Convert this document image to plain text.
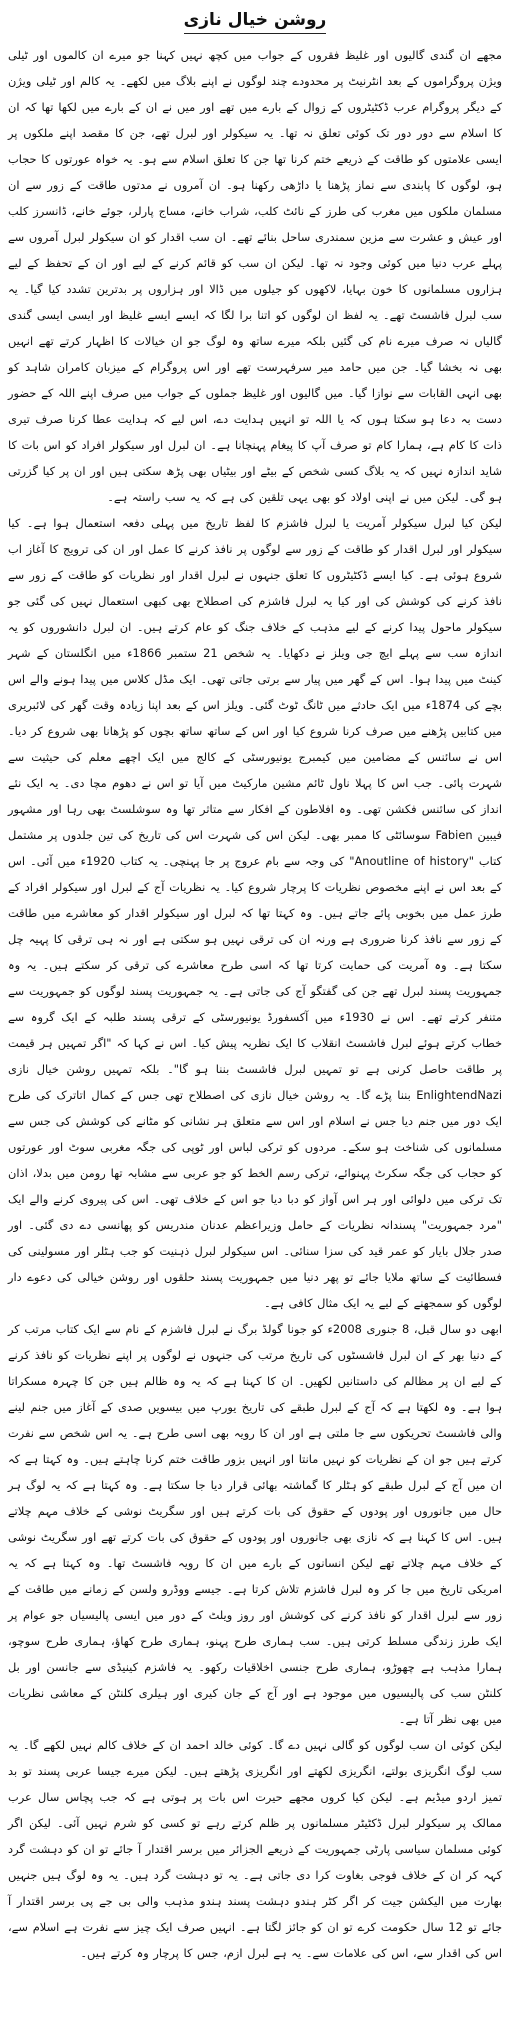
روشن خیال نازی

مجھے ان گندی گالیوں اور غلیظ فقروں کے جواب میں کچھ نہیں کہنا جو میرے ان کالموں اور ٹیلی ویژن پروگراموں کے بعد انٹرنیٹ پر محدودے چند لوگوں نے اپنے بلاگ میں لکھے۔ یہ کالم اور ٹیلی ویژن کے دیگر پروگرام عرب ڈکٹیٹروں کے زوال کے بارے میں تھے اور میں نے ان کے بارے میں لکھا تھا کہ ان کا اسلام سے دور دور تک کوئی تعلق نہ تھا۔ یہ سیکولر اور لبرل تھے، جن کا مقصد اپنے ملکوں پر ایسی علامتوں کو طاقت کے ذریعے ختم کرنا تھا جن کا تعلق اسلام سے ہو۔ یہ خواہ عورتوں کا حجاب ہو، لوگوں کا پابندی سے نماز پڑھنا یا داڑھی رکھنا ہو۔ ان آمروں نے مدتوں طاقت کے زور سے ان مسلمان ملکوں میں مغرب کی طرز کے نائٹ کلب، شراب خانے، مساج پارلر، جوئے خانے، ڈانسرز کلب اور عیش و عشرت سے مزین سمندری ساحل بنائے تھے۔ ان سب اقدار کو ان سیکولر لبرل آمروں سے پہلے عرب دنیا میں کوئی وجود نہ تھا۔ لیکن ان سب کو قائم کرنے کے لیے اور ان کے تحفظ کے لیے ہزاروں مسلمانوں کا خون بہایا، لاکھوں کو جیلوں میں ڈالا اور ہزاروں پر بدترین تشدد کیا گیا۔ یہ سب لبرل فاشسٹ تھے۔ یہ لفظ ان لوگوں کو اتنا برا لگا کہ ایسے ایسے غلیظ اور ایسی ایسی گندی گالیاں نہ صرف میرے نام کی گئیں بلکہ میرے ساتھ وہ لوگ جو ان خیالات کا اظہار کرتے تھے انہیں بھی نہ بخشا گیا۔ جن میں حامد میر سرفہرست تھے اور اس پروگرام کے میزبان کامران شاہد کو بھی انہی القابات سے نوازا گیا۔ میں گالیوں اور غلیظ جملوں کے جواب میں صرف اپنے اللہ کے حضور دست بہ دعا ہو سکتا ہوں کہ یا اللہ تو انہیں ہدایت دے، اس لیے کہ ہدایت عطا کرنا صرف تیری ذات کا کام ہے، ہمارا کام تو صرف آپ کا پیغام پہنچانا ہے۔ ان لبرل اور سیکولر افراد کو اس بات کا شاید اندازہ نہیں کہ یہ بلاگ کسی شخص کے بیٹے اور بیٹیاں بھی پڑھ سکتی ہیں اور ان پر کیا گزرتی ہو گی۔ لیکن میں نے اپنی اولاد کو بھی یہی تلقین کی ہے کہ یہ سب راستہ ہے۔

لیکن کیا لبرل سیکولر آمریت یا لبرل فاشزم کا لفظ تاریخ میں پہلی دفعہ استعمال ہوا ہے۔ کیا سیکولر اور لبرل اقدار کو طاقت کے زور سے لوگوں پر نافذ کرنے کا عمل اور ان کی ترویج کا آغاز اب شروع ہوئی ہے۔ کیا ایسے ڈکٹیٹروں کا تعلق جنہوں نے لبرل اقدار اور نظریات کو طاقت کے زور سے نافذ کرنے کی کوشش کی اور کیا یہ لبرل فاشزم کی اصطلاح بھی کبھی استعمال نہیں کی گئی جو سیکولر ماحول پیدا کرنے کے لیے مذہب کے خلاف جنگ کو عام کرتے ہیں۔ ان لبرل دانشوروں کو یہ اندازہ سب سے پہلے ایچ جی ویلز نے دکھایا۔ یہ شخص 21 ستمبر 1866ء میں انگلستان کے شہر کینٹ میں پیدا ہوا۔ اس کے گھر میں پیار سے برتی جاتی تھی۔ ایک مڈل کلاس میں پیدا ہونے والے اس بچے کی 1874ء میں ایک حادثے میں ٹانگ ٹوٹ گئی۔ ویلز اس کے بعد اپنا زیادہ وقت گھر کی لائبریری میں کتابیں پڑھنے میں صرف کرنا شروع کیا اور اس کے ساتھ ساتھ بچوں کو پڑھانا بھی شروع کر دیا۔ اس نے سائنس کے مضامین میں کیمبرج یونیورسٹی کے کالج میں ایک اچھے معلم کی حیثیت سے شہرت پائی۔ جب اس کا پہلا ناول ٹائم مشین مارکیٹ میں آیا تو اس نے دھوم مچا دی۔ یہ ایک نئے انداز کی سائنس فکشن تھی۔ وہ افلاطون کے افکار سے متاثر تھا وہ سوشلسٹ بھی رہا اور مشہور فیبین Fabien سوسائٹی کا ممبر بھی۔ لیکن اس کی شہرت اس کی تاریخ کی تین جلدوں پر مشتمل کتاب "Anoutline of history" کی وجہ سے بام عروج پر جا پہنچی۔ یہ کتاب 1920ء میں آئی۔ اس کے بعد اس نے اپنے مخصوص نظریات کا پرچار شروع کیا۔ یہ نظریات آج کے لبرل اور سیکولر افراد کے طرز عمل میں بخوبی پائے جاتے ہیں۔ وہ کہتا تھا کہ لبرل اور سیکولر اقدار کو معاشرے میں طاقت کے زور سے نافذ کرنا ضروری ہے ورنہ ان کی ترقی نہیں ہو سکتی ہے اور نہ ہی ترقی کا پہیہ چل سکتا ہے۔ وہ آمریت کی حمایت کرتا تھا کہ اسی طرح معاشرے کی ترقی کر سکتے ہیں۔ یہ وہ جمہوریت پسند لبرل تھے جن کی گفتگو آج کی جاتی ہے۔ یہ جمہوریت پسند لوگوں کو جمہوریت سے متنفر کرتے تھے۔ اس نے 1930ء میں آکسفورڈ یونیورسٹی کے ترقی پسند طلبہ کے ایک گروہ سے خطاب کرتے ہوئے لبرل فاشسٹ انقلاب کا ایک نظریہ پیش کیا۔ اس نے کہا کہ "اگر تمہیں ہر قیمت پر طاقت حاصل کرنی ہے تو تمہیں لبرل فاشسٹ بننا ہو گا"۔ بلکہ تمہیں روشن خیال نازی EnlightendNazi بننا پڑے گا۔ یہ روشن خیال نازی کی اصطلاح تھی جس کے کمال اتاترک کی طرح ایک دور میں جنم دیا جس نے اسلام اور اس سے متعلق ہر نشانی کو مٹانے کی کوشش کی جس سے مسلمانوں کی شناخت ہو سکے۔ مردوں کو ترکی لباس اور ٹوپی کی جگہ مغربی سوٹ اور عورتوں کو حجاب کی جگہ سکرٹ پہنوائے، ترکی رسم الخط کو جو عربی سے مشابہ تھا رومن میں بدلا، اذان تک ترکی میں دلوائی اور ہر اس آواز کو دبا دیا جو اس کے خلاف تھی۔ اس کی پیروی کرنے والے ایک "مرد جمہوریت" پسندانہ نظریات کے حامل وزیراعظم عدنان مندریس کو پھانسی دے دی گئی۔ اور صدر جلال بایار کو عمر قید کی سزا سنائی۔ اس سیکولر لبرل ذہنیت کو جب ہٹلر اور مسولینی کی فسطائیت کے ساتھ ملایا جائے تو پھر دنیا میں جمہوریت پسند حلقوں اور روشن خیالی کی دعوے دار لوگوں کو سمجھنے کے لیے یہ ایک مثال کافی ہے۔

ابھی دو سال قبل، 8 جنوری 2008ء کو جونا گولڈ برگ نے لبرل فاشزم کے نام سے ایک کتاب مرتب کر کے دنیا بھر کے ان لبرل فاشسٹوں کی تاریخ مرتب کی جنہوں نے لوگوں پر اپنے نظریات کو نافذ کرنے کے لیے ان پر مظالم کی داستانیں لکھیں۔ ان کا کہنا ہے کہ یہ وہ ظالم ہیں جن کا چہرہ مسکراتا ہوا ہے۔ وہ لکھتا ہے کہ آج کے لبرل طبقے کی تاریخ یورپ میں بیسویں صدی کے آغاز میں جنم لینے والی فاشسٹ تحریکوں سے جا ملتی ہے اور ان کا رویہ بھی اسی طرح ہے۔ یہ اس شخص سے نفرت کرتے ہیں جو ان کے نظریات کو نہیں مانتا اور انہیں بزور طاقت ختم کرنا چاہتے ہیں۔ وہ کہتا ہے کہ ان میں آج کے لبرل طبقے کو ہٹلر کا گماشتہ بھائی قرار دیا جا سکتا ہے۔ وہ کہتا ہے کہ یہ لوگ ہر حال میں جانوروں اور پودوں کے حقوق کی بات کرتے ہیں اور سگریٹ نوشی کے خلاف مہم چلاتے ہیں۔ اس کا کہنا ہے کہ نازی بھی جانوروں اور پودوں کے حقوق کی بات کرتے تھے اور سگریٹ نوشی کے خلاف مہم چلاتے تھے لیکن انسانوں کے بارے میں ان کا رویہ فاشسٹ تھا۔ وہ کہتا ہے کہ یہ امریکی تاریخ میں جا کر وہ لبرل فاشزم تلاش کرتا ہے۔ جیسے ووڈرو ولسن کے زمانے میں طاقت کے زور سے لبرل اقدار کو نافذ کرنے کی کوشش اور روز ویلٹ کے دور میں ایسی پالیسیاں جو عوام پر ایک طرز زندگی مسلط کرتی ہیں۔ سب ہماری طرح پہنو، ہماری طرح کھاؤ، ہماری طرح سوچو، ہمارا مذہب ہے چھوڑو، ہماری طرح جنسی اخلاقیات رکھو۔ یہ فاشزم کینیڈی سے جانسن اور بل کلنٹن سب کی پالیسیوں میں موجود ہے اور آج کے جان کیری اور ہیلری کلنٹن کے معاشی نظریات میں بھی نظر آتا ہے۔

لیکن کوئی ان سب لوگوں کو گالی نہیں دے گا۔ کوئی خالد احمد ان کے خلاف کالم نہیں لکھے گا۔ یہ سب لوگ انگریزی بولتے، انگریزی لکھتے اور انگریزی پڑھتے ہیں۔ لیکن میرے جیسا عربی پسند تو بد تمیز اردو میڈیم ہے۔ لیکن کیا کروں مجھے حیرت اس بات پر ہوتی ہے کہ جب پچاس سال عرب ممالک پر سیکولر لبرل ڈکٹیٹر مسلمانوں پر ظلم کرتے رہے تو کسی کو شرم نہیں آئی۔ لیکن اگر کوئی مسلمان سیاسی پارٹی جمہوریت کے ذریعے الجزائر میں برسر اقتدار آ جائے تو ان کو دہشت گرد کہہ کر ان کے خلاف فوجی بغاوت کرا دی جاتی ہے۔ یہ تو دہشت گرد ہیں۔ یہ وہ لوگ ہیں جنہیں بھارت میں الیکشن جیت کر اگر کٹر ہندو دہشت پسند ہندو مذہب والی بی جے پی برسر اقتدار آ جائے تو 12 سال حکومت کرے تو ان کو جائز لگتا ہے۔ انہیں صرف ایک چیز سے نفرت ہے اسلام سے، اس کی اقدار سے، اس کی علامات سے۔ یہ ہے لبرل ازم، جس کا پرچار وہ کرتے ہیں۔
